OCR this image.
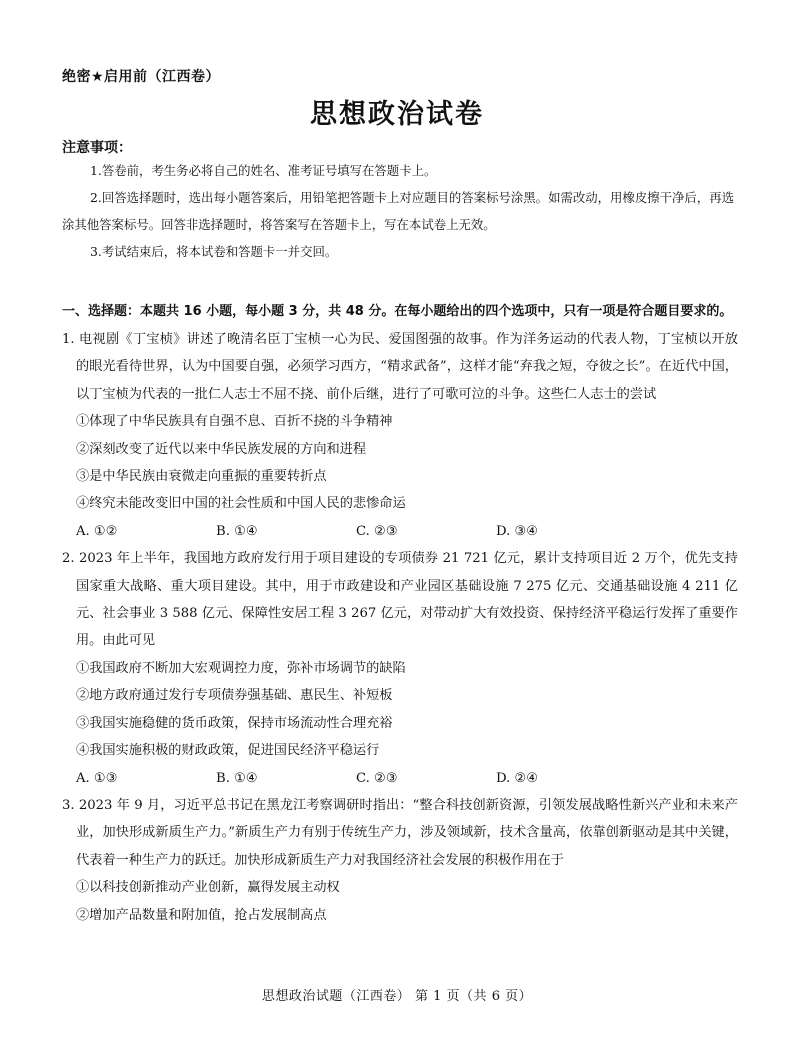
绝密★启用前（江西卷）
思想政治试卷
注意事项：

1.答卷前，考生务必将自己的姓名、准考证号填写在答题卡上。

2.回答选择题时，选出每小题答案后，用铅笔把答题卡上对应题目的答案标号涂黑。如需改动，用橡皮擦干净后，再选涂其他答案标号。回答非选择题时，将答案写在答题卡上，写在本试卷上无效。

3.考试结束后，将本试卷和答题卡一并交回。

一、选择题：本题共 16 小题，每小题 3 分，共 48 分。在每小题给出的四个选项中，只有一项是符合题目要求的。

1. 电视剧《丁宝桢》讲述了晚清名臣丁宝桢一心为民、爱国图强的故事。作为洋务运动的代表人物，丁宝桢以开放的眼光看待世界，认为中国要自强，必须学习西方，“精求武备”，这样才能“弃我之短，夺彼之长”。在近代中国，以丁宝桢为代表的一批仁人志士不屈不挠、前仆后继，进行了可歌可泣的斗争。这些仁人志士的尝试

①体现了中华民族具有自强不息、百折不挠的斗争精神

②深刻改变了近代以来中华民族发展的方向和进程

③是中华民族由衰微走向重振的重要转折点

④终究未能改变旧中国的社会性质和中国人民的悲惨命运

A. ①②	B. ①④	C. ②③	D. ③④

2. 2023 年上半年，我国地方政府发行用于项目建设的专项债券 21 721 亿元，累计支持项目近 2 万个，优先支持国家重大战略、重大项目建设。其中，用于市政建设和产业园区基础设施 7 275 亿元、交通基础设施 4 211 亿元、社会事业 3 588 亿元、保障性安居工程 3 267 亿元，对带动扩大有效投资、保持经济平稳运行发挥了重要作用。由此可见

①我国政府不断加大宏观调控力度，弥补市场调节的缺陷

②地方政府通过发行专项债券强基础、惠民生、补短板

③我国实施稳健的货币政策，保持市场流动性合理充裕

④我国实施积极的财政政策，促进国民经济平稳运行

A. ①③	B. ①④	C. ②③	D. ②④

3. 2023 年 9 月，习近平总书记在黑龙江考察调研时指出：“整合科技创新资源，引领发展战略性新兴产业和未来产业，加快形成新质生产力。”新质生产力有别于传统生产力，涉及领域新，技术含量高，依靠创新驱动是其中关键，代表着一种生产力的跃迁。加快形成新质生产力对我国经济社会发展的积极作用在于

①以科技创新推动产业创新，赢得发展主动权

②增加产品数量和附加值，抢占发展制高点

思想政治试题（江西卷） 第 1 页（共 6 页）
